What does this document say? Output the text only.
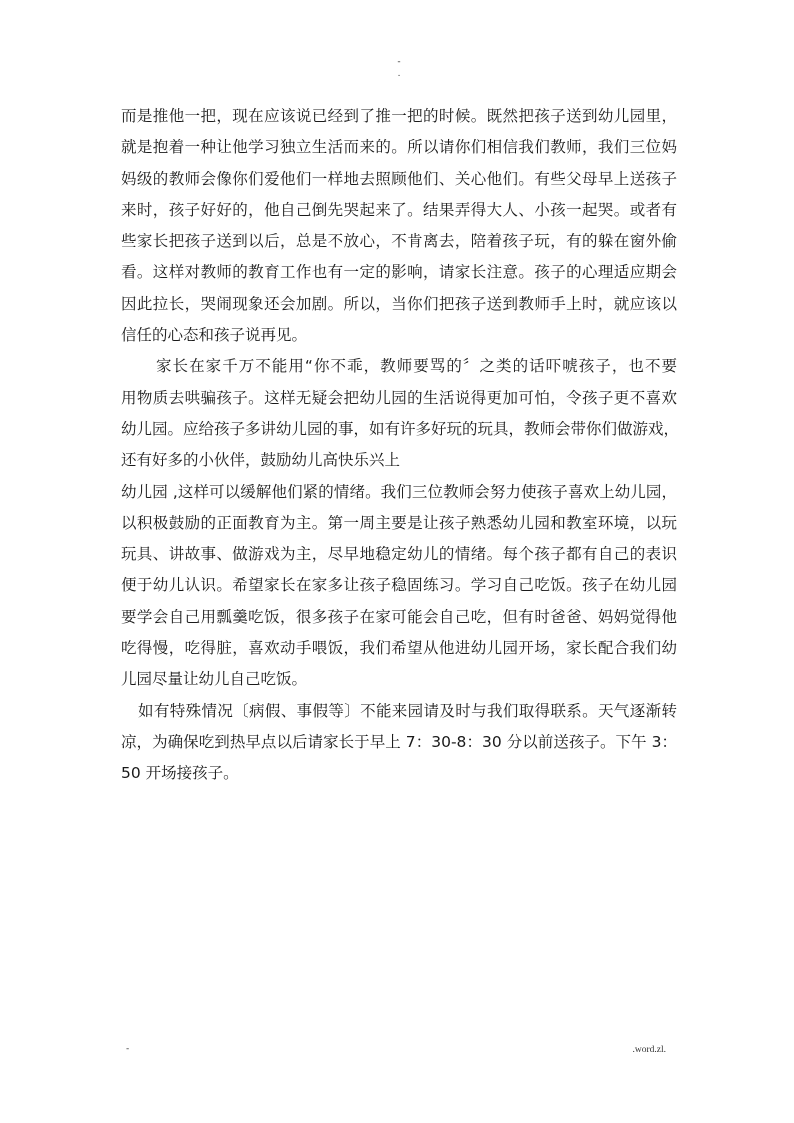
-
.
而是推他一把，现在应该说已经到了推一把的时候。既然把孩子送到幼儿园里，
就是抱着一种让他学习独立生活而来的。所以请你们相信我们教师，我们三位妈
妈级的教师会像你们爱他们一样地去照顾他们、关心他们。有些父母早上送孩子
来时，孩子好好的，他自己倒先哭起来了。结果弄得大人、小孩一起哭。或者有
些家长把孩子送到以后，总是不放心，不肯离去，陪着孩子玩，有的躲在窗外偷
看。这样对教师的教育工作也有一定的影响，请家长注意。孩子的心理适应期会
因此拉长，哭闹现象还会加剧。所以，当你们把孩子送到教师手上时，就应该以
信任的心态和孩子说再见。
家长在家千万不能用“你不乖，教师要骂的〞之类的话吓唬孩子，也不要
用物质去哄骗孩子。这样无疑会把幼儿园的生活说得更加可怕，令孩子更不喜欢
幼儿园。应给孩子多讲幼儿园的事，如有许多好玩的玩具，教师会带你们做游戏，
还有好多的小伙伴，鼓励幼儿高快乐兴上
幼儿园 ,这样可以缓解他们紧的情绪。我们三位教师会努力使孩子喜欢上幼儿园，
以积极鼓励的正面教育为主。第一周主要是让孩子熟悉幼儿园和教室环境，以玩
玩具、讲故事、做游戏为主，尽早地稳定幼儿的情绪。每个孩子都有自己的表识
便于幼儿认识。希望家长在家多让孩子稳固练习。学习自己吃饭。孩子在幼儿园
要学会自己用瓢羹吃饭，很多孩子在家可能会自己吃，但有时爸爸、妈妈觉得他
吃得慢，吃得脏，喜欢动手喂饭，我们希望从他进幼儿园开场，家长配合我们幼
儿园尽量让幼儿自己吃饭。
如有特殊情况〔病假、事假等〕不能来园请及时与我们取得联系。天气逐渐转
凉，为确保吃到热早点以后请家长于早上 7：30-8：30 分以前送孩子。下午 3：
50 开场接孩子。
-	.word.zl.
